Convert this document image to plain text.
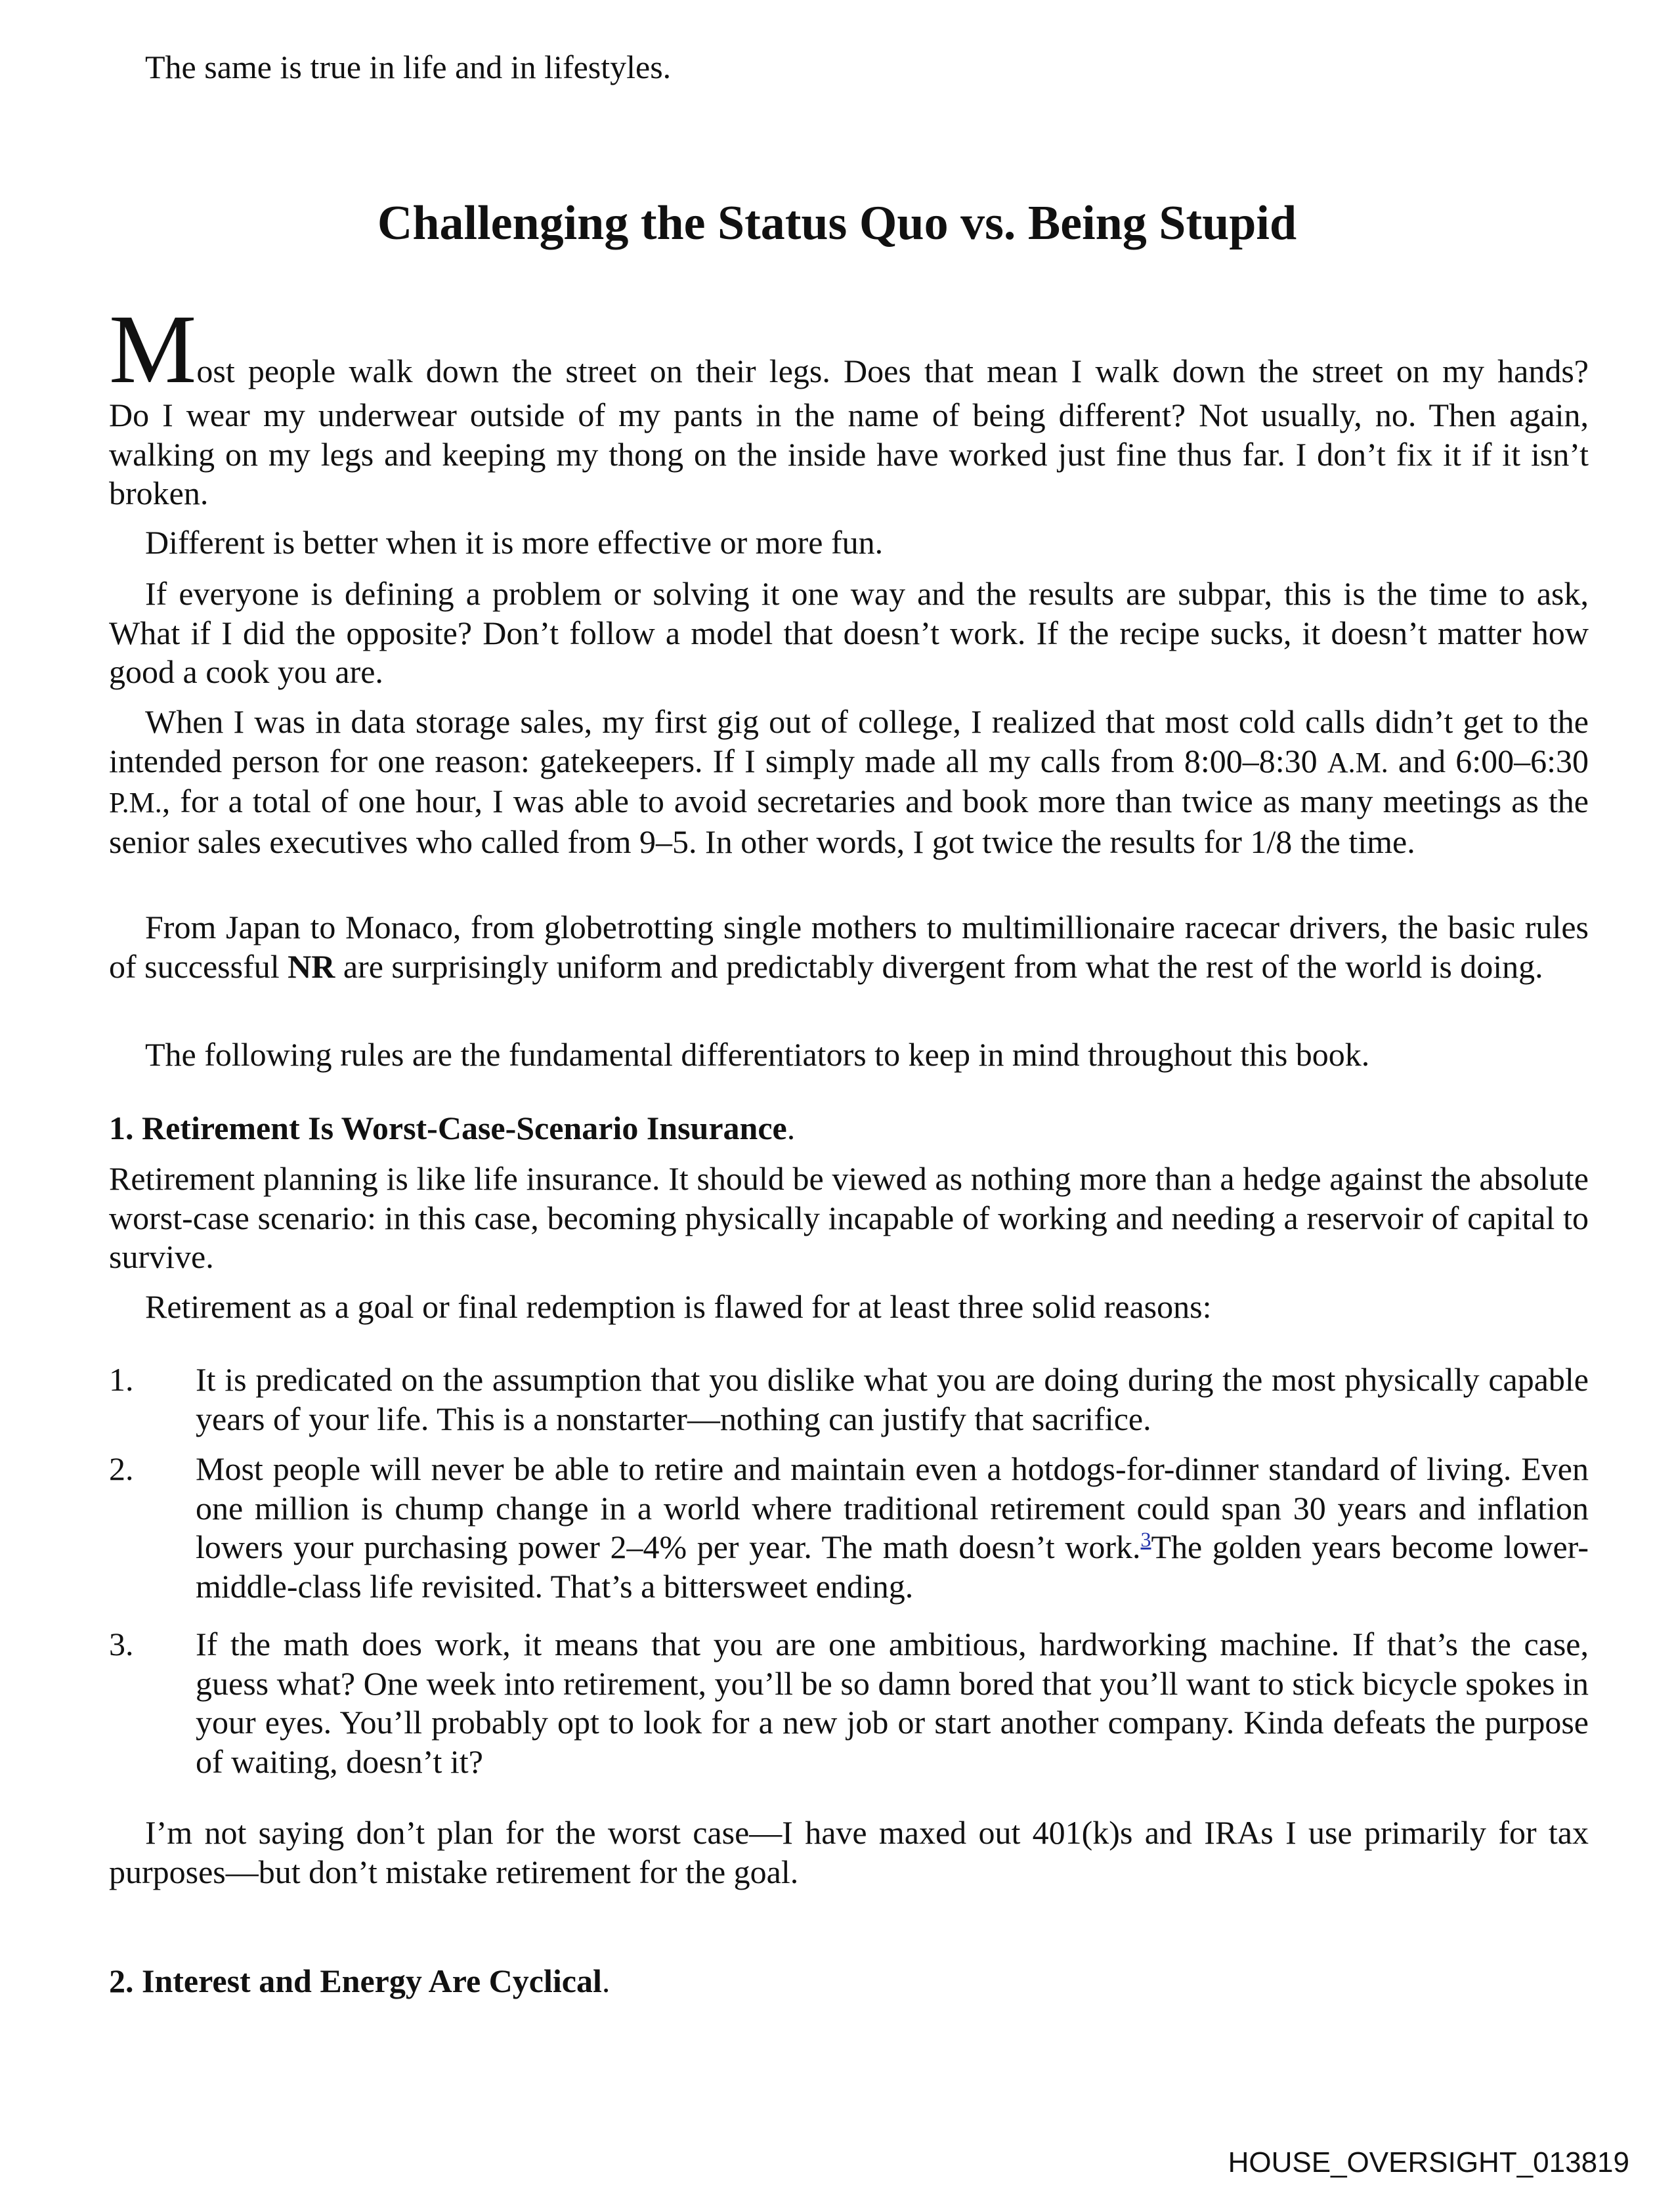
The same is true in life and in lifestyles.
Challenging the Status Quo vs. Being Stupid
Most people walk down the street on their legs. Does that mean I walk down the street on my hands?
Do I wear my underwear outside of my pants in the name of being different? Not usually, no. Then again, walking on my legs and keeping my thong on the inside have worked just fine thus far. I don’t fix it if it isn’t broken.
Different is better when it is more effective or more fun.
If everyone is defining a problem or solving it one way and the results are subpar, this is the time to ask, What if I did the opposite? Don’t follow a model that doesn’t work. If the recipe sucks, it doesn’t matter how good a cook you are.
When I was in data storage sales, my first gig out of college, I realized that most cold calls didn’t get to the intended person for one reason: gatekeepers. If I simply made all my calls from 8:00–8:30 A.M. and 6:00–6:30 P.M., for a total of one hour, I was able to avoid secretaries and book more than twice as many meetings as the senior sales executives who called from 9–5. In other words, I got twice the results for 1/8 the time.
From Japan to Monaco, from globetrotting single mothers to multimillionaire racecar drivers, the basic rules of successful NR are surprisingly uniform and predictably divergent from what the rest of the world is doing.
The following rules are the fundamental differentiators to keep in mind throughout this book.
1. Retirement Is Worst-Case-Scenario Insurance.
Retirement planning is like life insurance. It should be viewed as nothing more than a hedge against the absolute worst-case scenario: in this case, becoming physically incapable of working and needing a reservoir of capital to survive.
Retirement as a goal or final redemption is flawed for at least three solid reasons:
1. It is predicated on the assumption that you dislike what you are doing during the most physically capable years of your life. This is a nonstarter—nothing can justify that sacrifice.
2. Most people will never be able to retire and maintain even a hotdogs-for-dinner standard of living. Even one million is chump change in a world where traditional retirement could span 30 years and inflation lowers your purchasing power 2–4% per year. The math doesn’t work.$^3$The golden years become lower-middle-class life revisited. That’s a bittersweet ending.
3. If the math does work, it means that you are one ambitious, hardworking machine. If that’s the case, guess what? One week into retirement, you’ll be so damn bored that you’ll want to stick bicycle spokes in your eyes. You’ll probably opt to look for a new job or start another company. Kinda defeats the purpose of waiting, doesn’t it?
I’m not saying don’t plan for the worst case—I have maxed out 401(k)s and IRAs I use primarily for tax purposes—but don’t mistake retirement for the goal.
2. Interest and Energy Are Cyclical.
HOUSE_OVERSIGHT_013819
